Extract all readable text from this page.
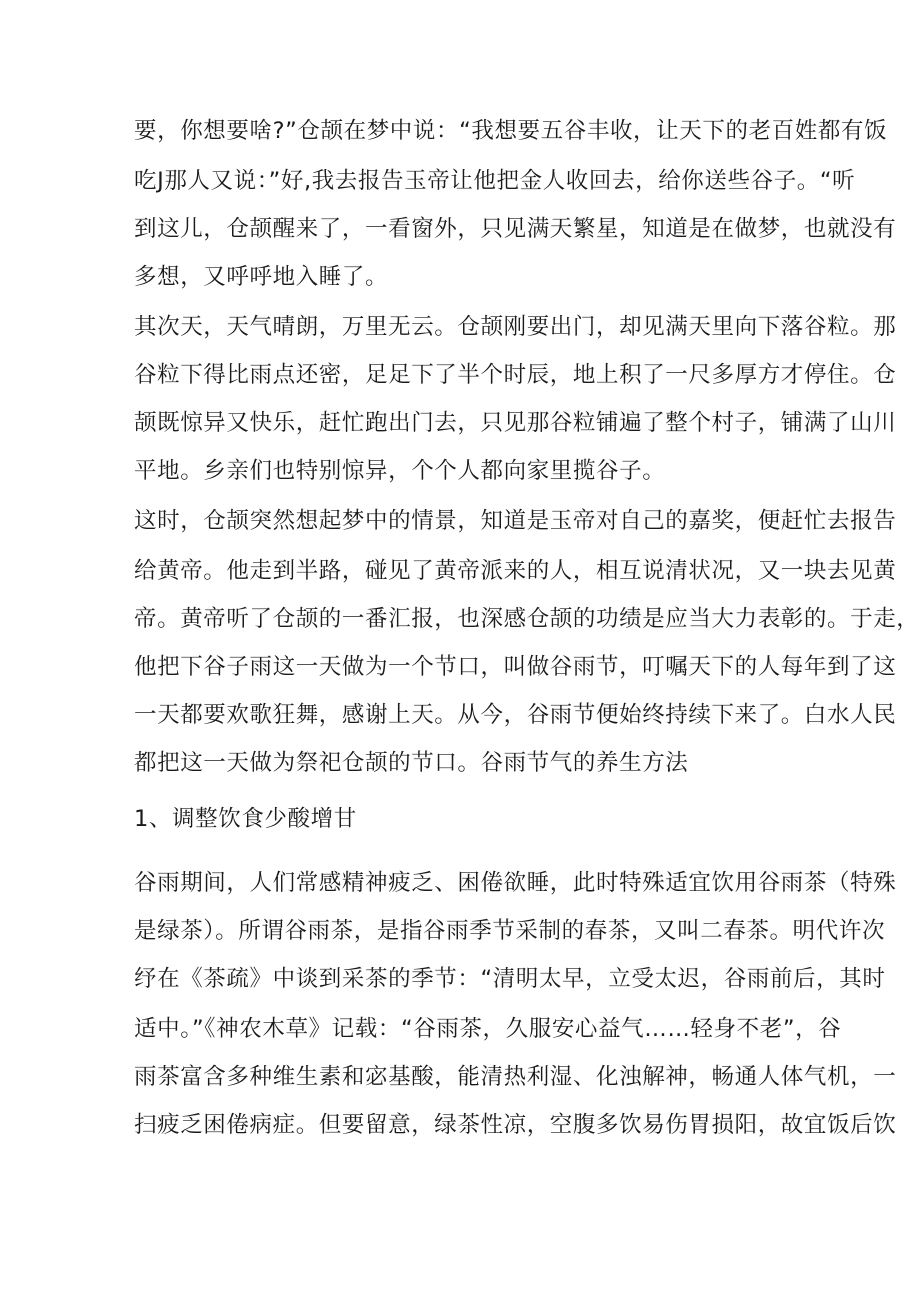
要，你想要啥?”仓颉在梦中说：“我想要五谷丰收，让天下的老百姓都有饭
吃J那人又说：”好,我去报告玉帝让他把金人收回去，给你送些谷子。“听
到这儿，仓颉醒来了，一看窗外，只见满天繁星，知道是在做梦，也就没有
多想，又呼呼地入睡了。
其次天，天气晴朗，万里无云。仓颉刚要出门，却见满天里向下落谷粒。那
谷粒下得比雨点还密，足足下了半个时辰，地上积了一尺多厚方才停住。仓
颉既惊异又快乐，赶忙跑出门去，只见那谷粒铺遍了整个村子，铺满了山川
平地。乡亲们也特别惊异，个个人都向家里揽谷子。
这时，仓颉突然想起梦中的情景，知道是玉帝对自己的嘉奖，便赶忙去报告
给黄帝。他走到半路，碰见了黄帝派来的人，相互说清状况，又一块去见黄
帝。黄帝听了仓颉的一番汇报，也深感仓颉的功绩是应当大力表彰的。于走，
他把下谷子雨这一天做为一个节口，叫做谷雨节，叮嘱天下的人每年到了这
一天都要欢歌狂舞，感谢上天。从今，谷雨节便始终持续下来了。白水人民
都把这一天做为祭祀仓颉的节口。谷雨节气的养生方法
1、调整饮食少酸增甘
谷雨期间，人们常感精神疲乏、困倦欲睡，此时特殊适宜饮用谷雨茶（特殊
是绿茶）。所谓谷雨茶，是指谷雨季节采制的春茶，又叫二春茶。明代许次
纾在《茶疏》中谈到采茶的季节：“清明太早，立受太迟，谷雨前后，其时
适中。”《神农木草》记载：“谷雨茶，久服安心益气……轻身不老”，谷
雨茶富含多种维生素和宓基酸，能清热利湿、化浊解神，畅通人体气机，一
扫疲乏困倦病症。但要留意，绿茶性凉，空腹多饮易伤胃损阳，故宜饭后饮
